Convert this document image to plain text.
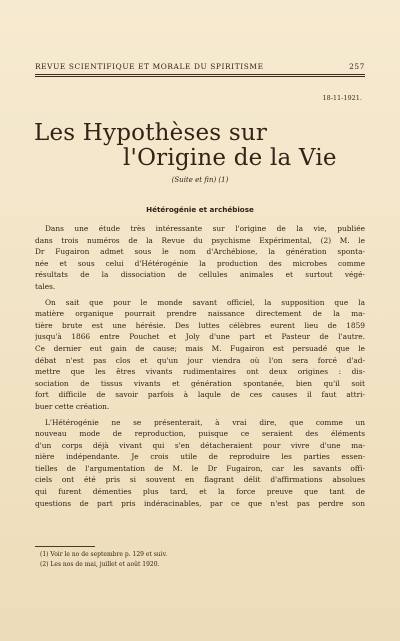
REVUE SCIENTIFIQUE ET MORALE DU SPIRITISME	257
18-11-1921.
Les Hypothèses sur
l'Origine de la Vie
(Suite et fin) (1)
Hétérogénie et archébiose
Dans une étude très intéressante sur l'origine de la vie, publiée
dans trois numéros de la Revue du psychisme Expérimental, (2) M. le
Dr Fugairon admet sous le nom d'Archébiose, la génération sponta-
née et sous celui d'Hétérogénie la production des microbes comme
résultats de la dissociation de cellules animales et surtout végé-
tales.
On sait que pour le monde savant officiel, la supposition que la
matière organique pourrait prendre naissance directement de la ma-
tière brute est une hérésie. Des luttes célèbres eurent lieu de 1859
jusqu'à 1866 entre Pouchet et Joly d'une part et Pasteur de l'autre.
Ce dernier eut gain de cause; mais M. Fugairon est persuadé que le
débat n'est pas clos et qu'un jour viendra où l'on sera forcé d'ad-
mettre que les êtres vivants rudimentaires ont deux origines : dis-
sociation de tissus vivants et génération spontanée, bien qu'il soit
fort difficile de savoir parfois à laqule de ces causes il faut attri-
buer cette création.
L'Hétérogénie ne se présenterait, à vrai dire, que comme un
nouveau mode de reproduction, puisque ce seraient des éléments
d'un corps déjà vivant qui s'en détacheraient pour vivre d'une ma-
nière indépendante. Je crois utile de reproduire les parties essen-
tielles de l'argumentation de M. le Dr Fugairon, car les savants offi-
ciels ont été pris si souvent en flagrant délit d'affirmations absolues
qui furent démenties plus tard, et la force preuve que tant de
questions de part pris indéracinables, par ce que n'est pas perdre son
(1) Voir le no de septembre p. 129 et suiv.
(2) Les nos de mai, juillet et août 1920.
